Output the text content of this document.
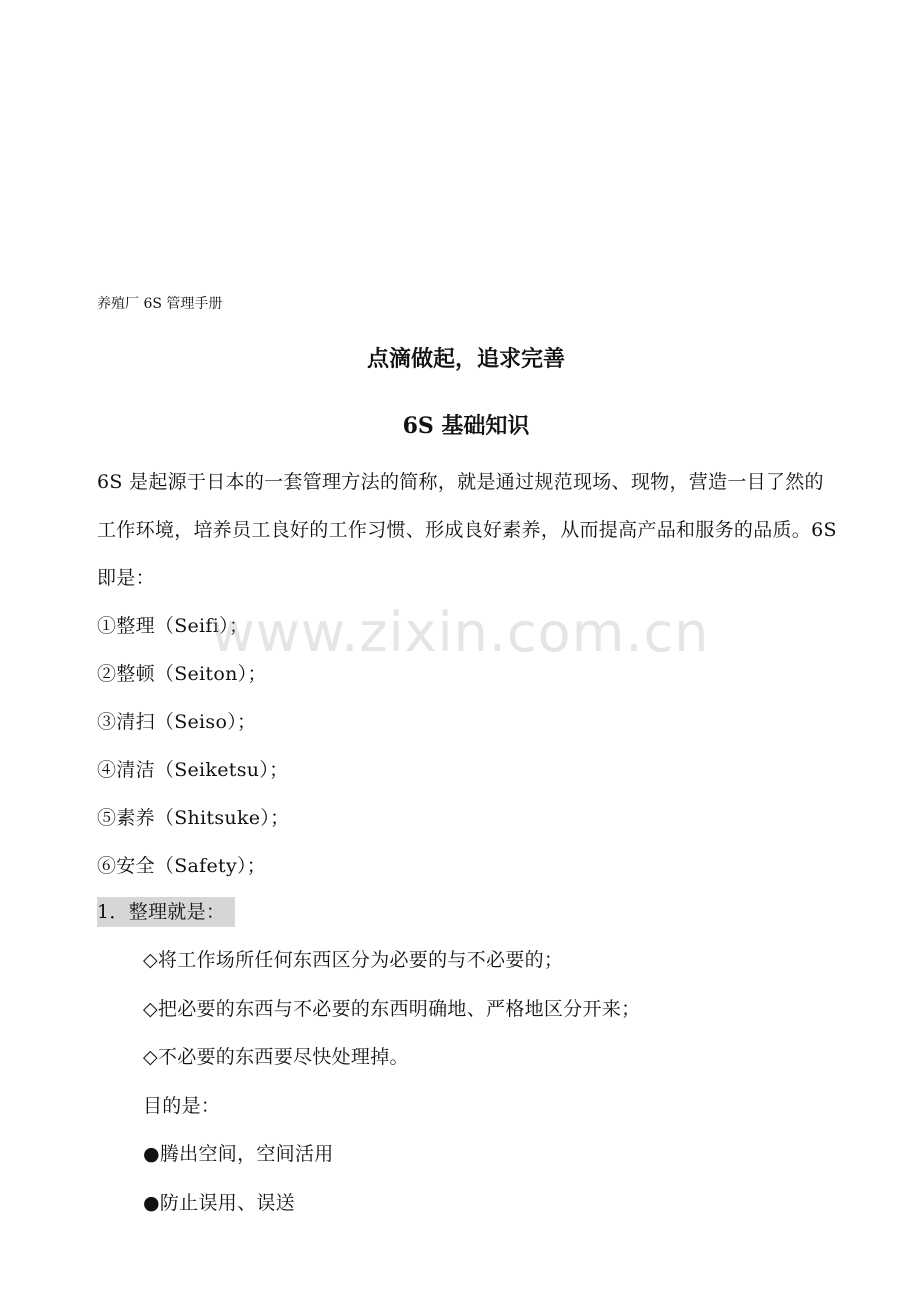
养殖厂 6S 管理手册
点滴做起，追求完善
6S 基础知识

6S 是起源于日本的一套管理方法的简称，就是通过规范现场、现物，营造一目了然的工作环境，培养员工良好的工作习惯、形成良好素养，从而提高产品和服务的品质。6S 即是：

①整理（Seifi）；
②整顿（Seiton）；
③清扫（Seiso）；
④清洁（Seiketsu）；
⑤素养（Shitsuke）；
⑥安全（Safety）；
1．整理就是：
◇将工作场所任何东西区分为必要的与不必要的；
◇把必要的东西与不必要的东西明确地、严格地区分开来；
◇不必要的东西要尽快处理掉。
目的是：
●腾出空间，空间活用
●防止误用、误送
www.zixin.com.cn
